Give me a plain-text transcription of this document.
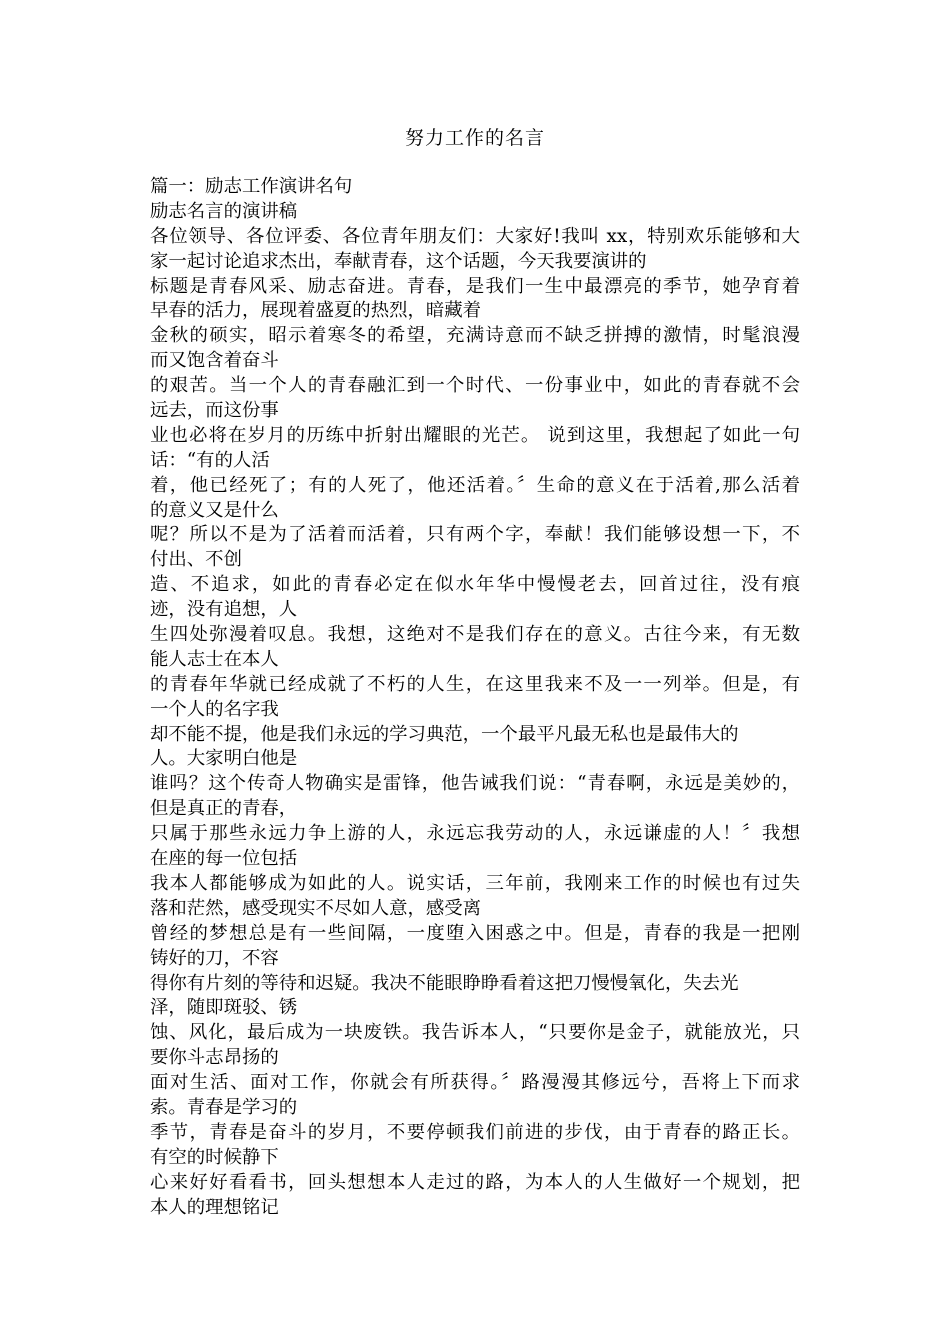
努力工作的名言
篇一：励志工作演讲名句
励志名言的演讲稿
各位领导、各位评委、各位青年朋友们：大家好!我叫 xx，特别欢乐能够和大
家一起讨论追求杰出，奉献青春，这个话题，今天我要演讲的
标题是青春风采、励志奋进。青春，是我们一生中最漂亮的季节，她孕育着
早春的活力，展现着盛夏的热烈，暗藏着
金秋的硕实，昭示着寒冬的希望，充满诗意而不缺乏拼搏的激情，时髦浪漫
而又饱含着奋斗
的艰苦。当一个人的青春融汇到一个时代、一份事业中，如此的青春就不会
远去，而这份事
业也必将在岁月的历练中折射出耀眼的光芒。 说到这里，我想起了如此一句
话：“有的人活
着，他已经死了；有的人死了，他还活着。〞生命的意义在于活着,那么活着
的意义又是什么
呢？所以不是为了活着而活着，只有两个字，奉献！我们能够设想一下，不
付出、不创
造、不追求，如此的青春必定在似水年华中慢慢老去，回首过往，没有痕
迹，没有追想，人
生四处弥漫着叹息。我想，这绝对不是我们存在的意义。古往今来，有无数
能人志士在本人
的青春年华就已经成就了不朽的人生，在这里我来不及一一列举。但是，有
一个人的名字我
却不能不提，他是我们永远的学习典范，一个最平凡最无私也是最伟大的
人。大家明白他是
谁吗？这个传奇人物确实是雷锋，他告诫我们说：“青春啊，永远是美妙的，
但是真正的青春，
只属于那些永远力争上游的人，永远忘我劳动的人，永远谦虚的人！〞我想
在座的每一位包括
我本人都能够成为如此的人。说实话，三年前，我刚来工作的时候也有过失
落和茫然，感受现实不尽如人意，感受离
曾经的梦想总是有一些间隔，一度堕入困惑之中。但是，青春的我是一把刚
铸好的刀，不容
得你有片刻的等待和迟疑。我决不能眼睁睁看着这把刀慢慢氧化，失去光
泽，随即斑驳、锈
蚀、风化，最后成为一块废铁。我告诉本人，“只要你是金子，就能放光，只
要你斗志昂扬的
面对生活、面对工作，你就会有所获得。〞路漫漫其修远兮，吾将上下而求
索。青春是学习的
季节，青春是奋斗的岁月，不要停顿我们前进的步伐，由于青春的路正长。
有空的时候静下
心来好好看看书，回头想想本人走过的路，为本人的人生做好一个规划，把
本人的理想铭记
